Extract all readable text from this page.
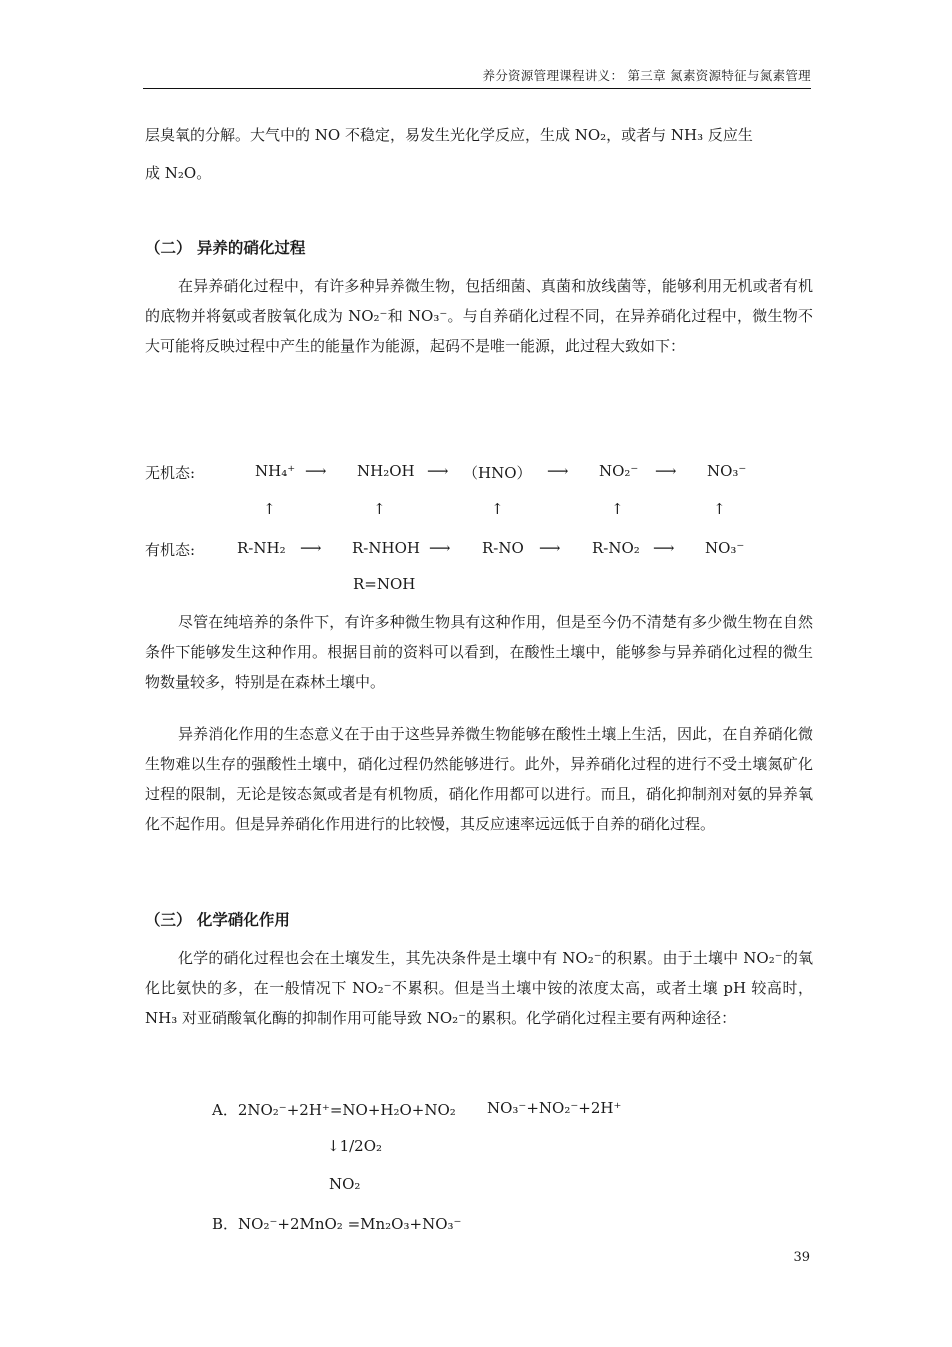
养分资源管理课程讲义： 第三章 氮素资源特征与氮素管理

层臭氧的分解。大气中的 NO 不稳定，易发生光化学反应，生成 NO₂，或者与 NH₃ 反应生

成 N₂O。

（二） 异养的硝化过程

在异养硝化过程中，有许多种异养微生物，包括细菌、真菌和放线菌等，能够利用无机或者有机的底物并将氨或者胺氧化成为 NO₂⁻和 NO₃⁻。与自养硝化过程不同，在异养硝化过程中，微生物不大可能将反映过程中产生的能量作为能源，起码不是唯一能源，此过程大致如下：

无机态:	NH₄⁺ ⟶ NH₂OH ⟶ （HNO） ⟶ NO₂⁻ ⟶ NO₃⁻
↑	↑	↑	↑	↑
有机态:	R-NH₂ ⟶ R-NHOH ⟶ R-NO ⟶ R-NO₂ ⟶ NO₃⁻
R=NOH

尽管在纯培养的条件下，有许多种微生物具有这种作用，但是至今仍不清楚有多少微生物在自然条件下能够发生这种作用。根据目前的资料可以看到，在酸性土壤中，能够参与异养硝化过程的微生物数量较多，特别是在森林土壤中。

异养消化作用的生态意义在于由于这些异养微生物能够在酸性土壤上生活，因此，在自养硝化微生物难以生存的强酸性土壤中，硝化过程仍然能够进行。此外，异养硝化过程的进行不受土壤氮矿化过程的限制，无论是铵态氮或者是有机物质，硝化作用都可以进行。而且，硝化抑制剂对氨的异养氧化不起作用。但是异养硝化作用进行的比较慢，其反应速率远远低于自养的硝化过程。

（三） 化学硝化作用

化学的硝化过程也会在土壤发生，其先决条件是土壤中有 NO₂⁻的积累。由于土壤中 NO₂⁻的氧化比氨快的多，在一般情况下 NO₂⁻不累积。但是当土壤中铵的浓度太高，或者土壤 pH 较高时，NH₃ 对亚硝酸氧化酶的抑制作用可能导致 NO₂⁻的累积。化学硝化过程主要有两种途径：

A．2NO₂⁻+2H⁺=NO+H₂O+NO₂ NO₃⁻+NO₂⁻+2H⁺
↓1/2O₂
NO₂
B．NO₂⁻+2MnO₂ =Mn₂O₃+NO₃⁻
39
